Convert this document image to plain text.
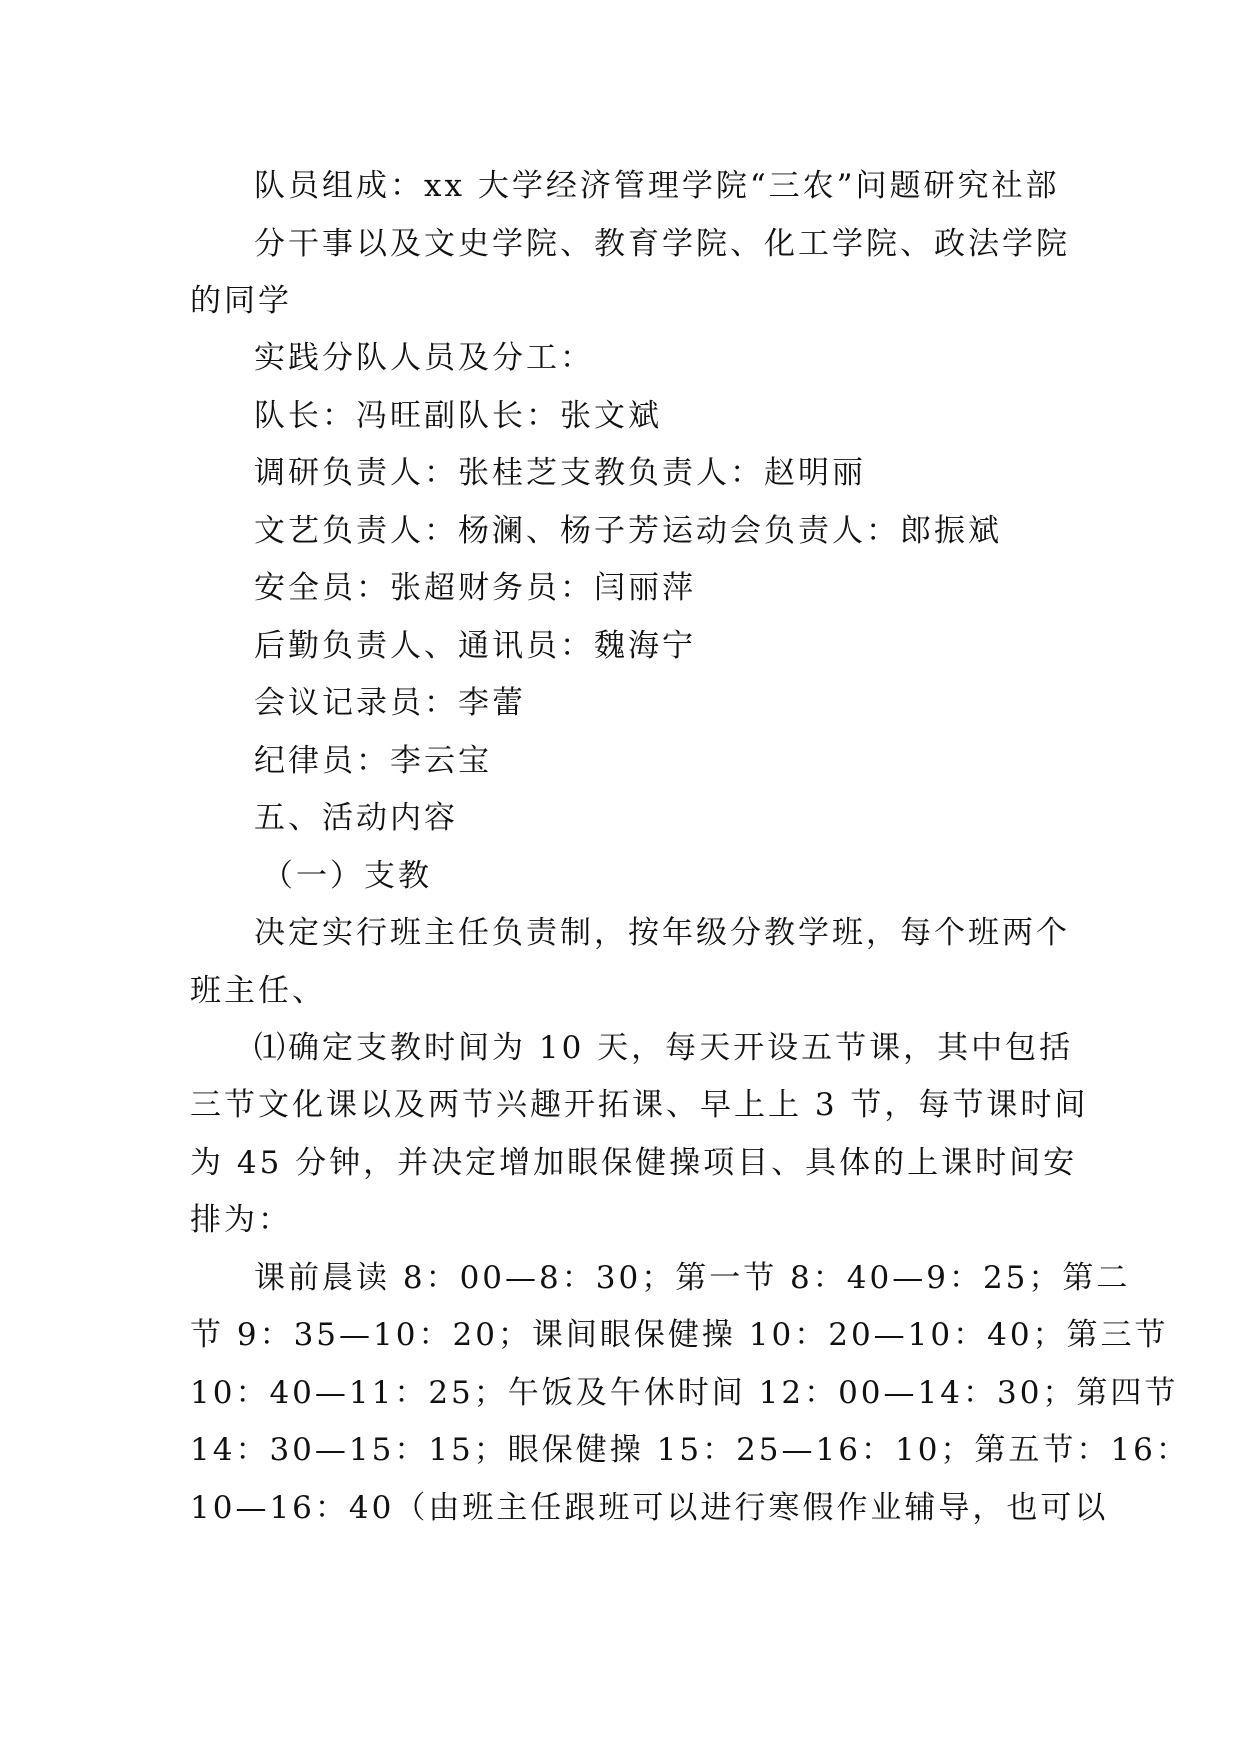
队员组成：xx 大学经济管理学院“三农”问题研究社部
分干事以及文史学院、教育学院、化工学院、政法学院
的同学
实践分队人员及分工：
队长：冯旺副队长：张文斌
调研负责人：张桂芝支教负责人：赵明丽
文艺负责人：杨澜、杨子芳运动会负责人：郎振斌
安全员：张超财务员：闫丽萍
后勤负责人、通讯员：魏海宁
会议记录员：李蕾
纪律员：李云宝
五、活动内容
（一）支教
决定实行班主任负责制，按年级分教学班，每个班两个
班主任、
⑴确定支教时间为 10 天，每天开设五节课，其中包括
三节文化课以及两节兴趣开拓课、早上上 3 节，每节课时间
为 45 分钟，并决定增加眼保健操项目、具体的上课时间安
排为：
课前晨读 8：00—8：30；第一节 8：40—9：25；第二
节 9：35—10：20；课间眼保健操 10：20—10：40；第三节
10：40—11：25；午饭及午休时间 12：00—14：30；第四节
14：30—15：15；眼保健操 15：25—16：10；第五节：16：
10—16：40（由班主任跟班可以进行寒假作业辅导，也可以
